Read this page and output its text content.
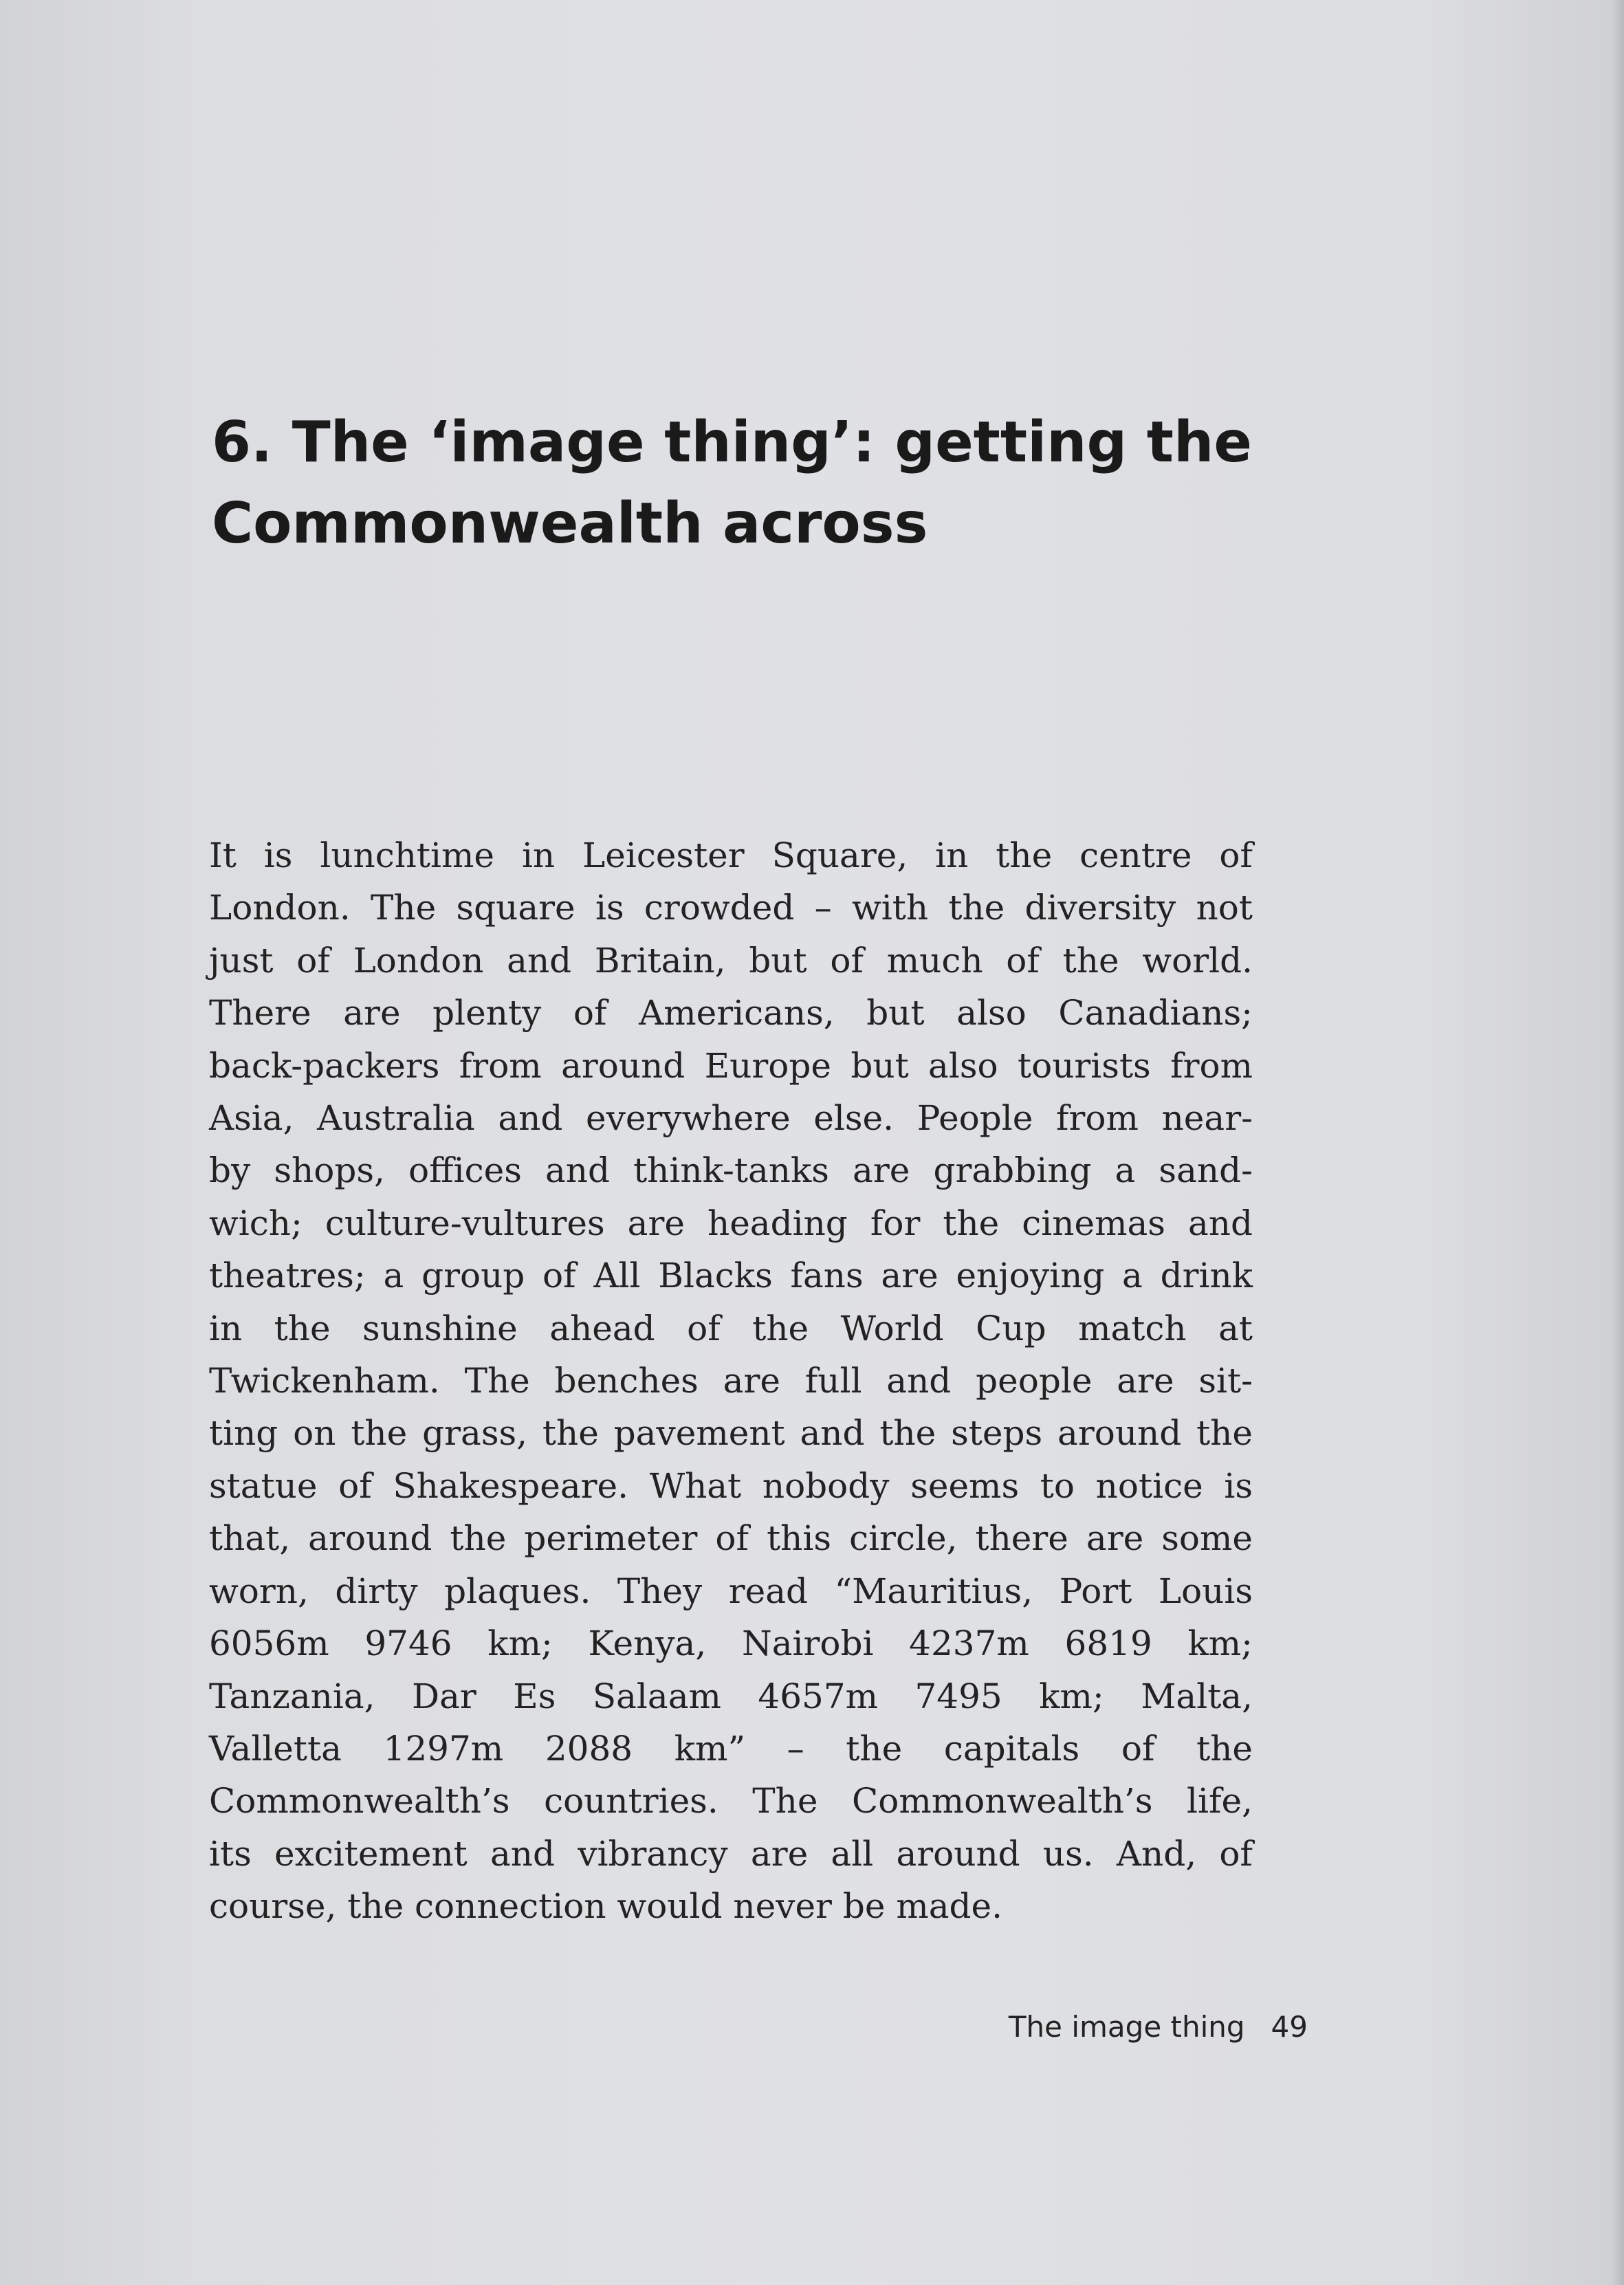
6. The ‘image thing’: getting the
Commonwealth across
It is lunchtime in Leicester Square, in the centre of
London. The square is crowded – with the diversity not
just of London and Britain, but of much of the world.
There are plenty of Americans, but also Canadians;
back-packers from around Europe but also tourists from
Asia, Australia and everywhere else. People from near-
by shops, offices and think-tanks are grabbing a sand-
wich; culture-vultures are heading for the cinemas and
theatres; a group of All Blacks fans are enjoying a drink
in the sunshine ahead of the World Cup match at
Twickenham. The benches are full and people are sit-
ting on the grass, the pavement and the steps around the
statue of Shakespeare. What nobody seems to notice is
that, around the perimeter of this circle, there are some
worn, dirty plaques. They read “Mauritius, Port Louis
6056m 9746 km; Kenya, Nairobi 4237m 6819 km;
Tanzania, Dar Es Salaam 4657m 7495 km; Malta,
Valletta 1297m 2088 km” – the capitals of the
Commonwealth’s countries. The Commonwealth’s life,
its excitement and vibrancy are all around us. And, of
course, the connection would never be made.
The image thing 49
